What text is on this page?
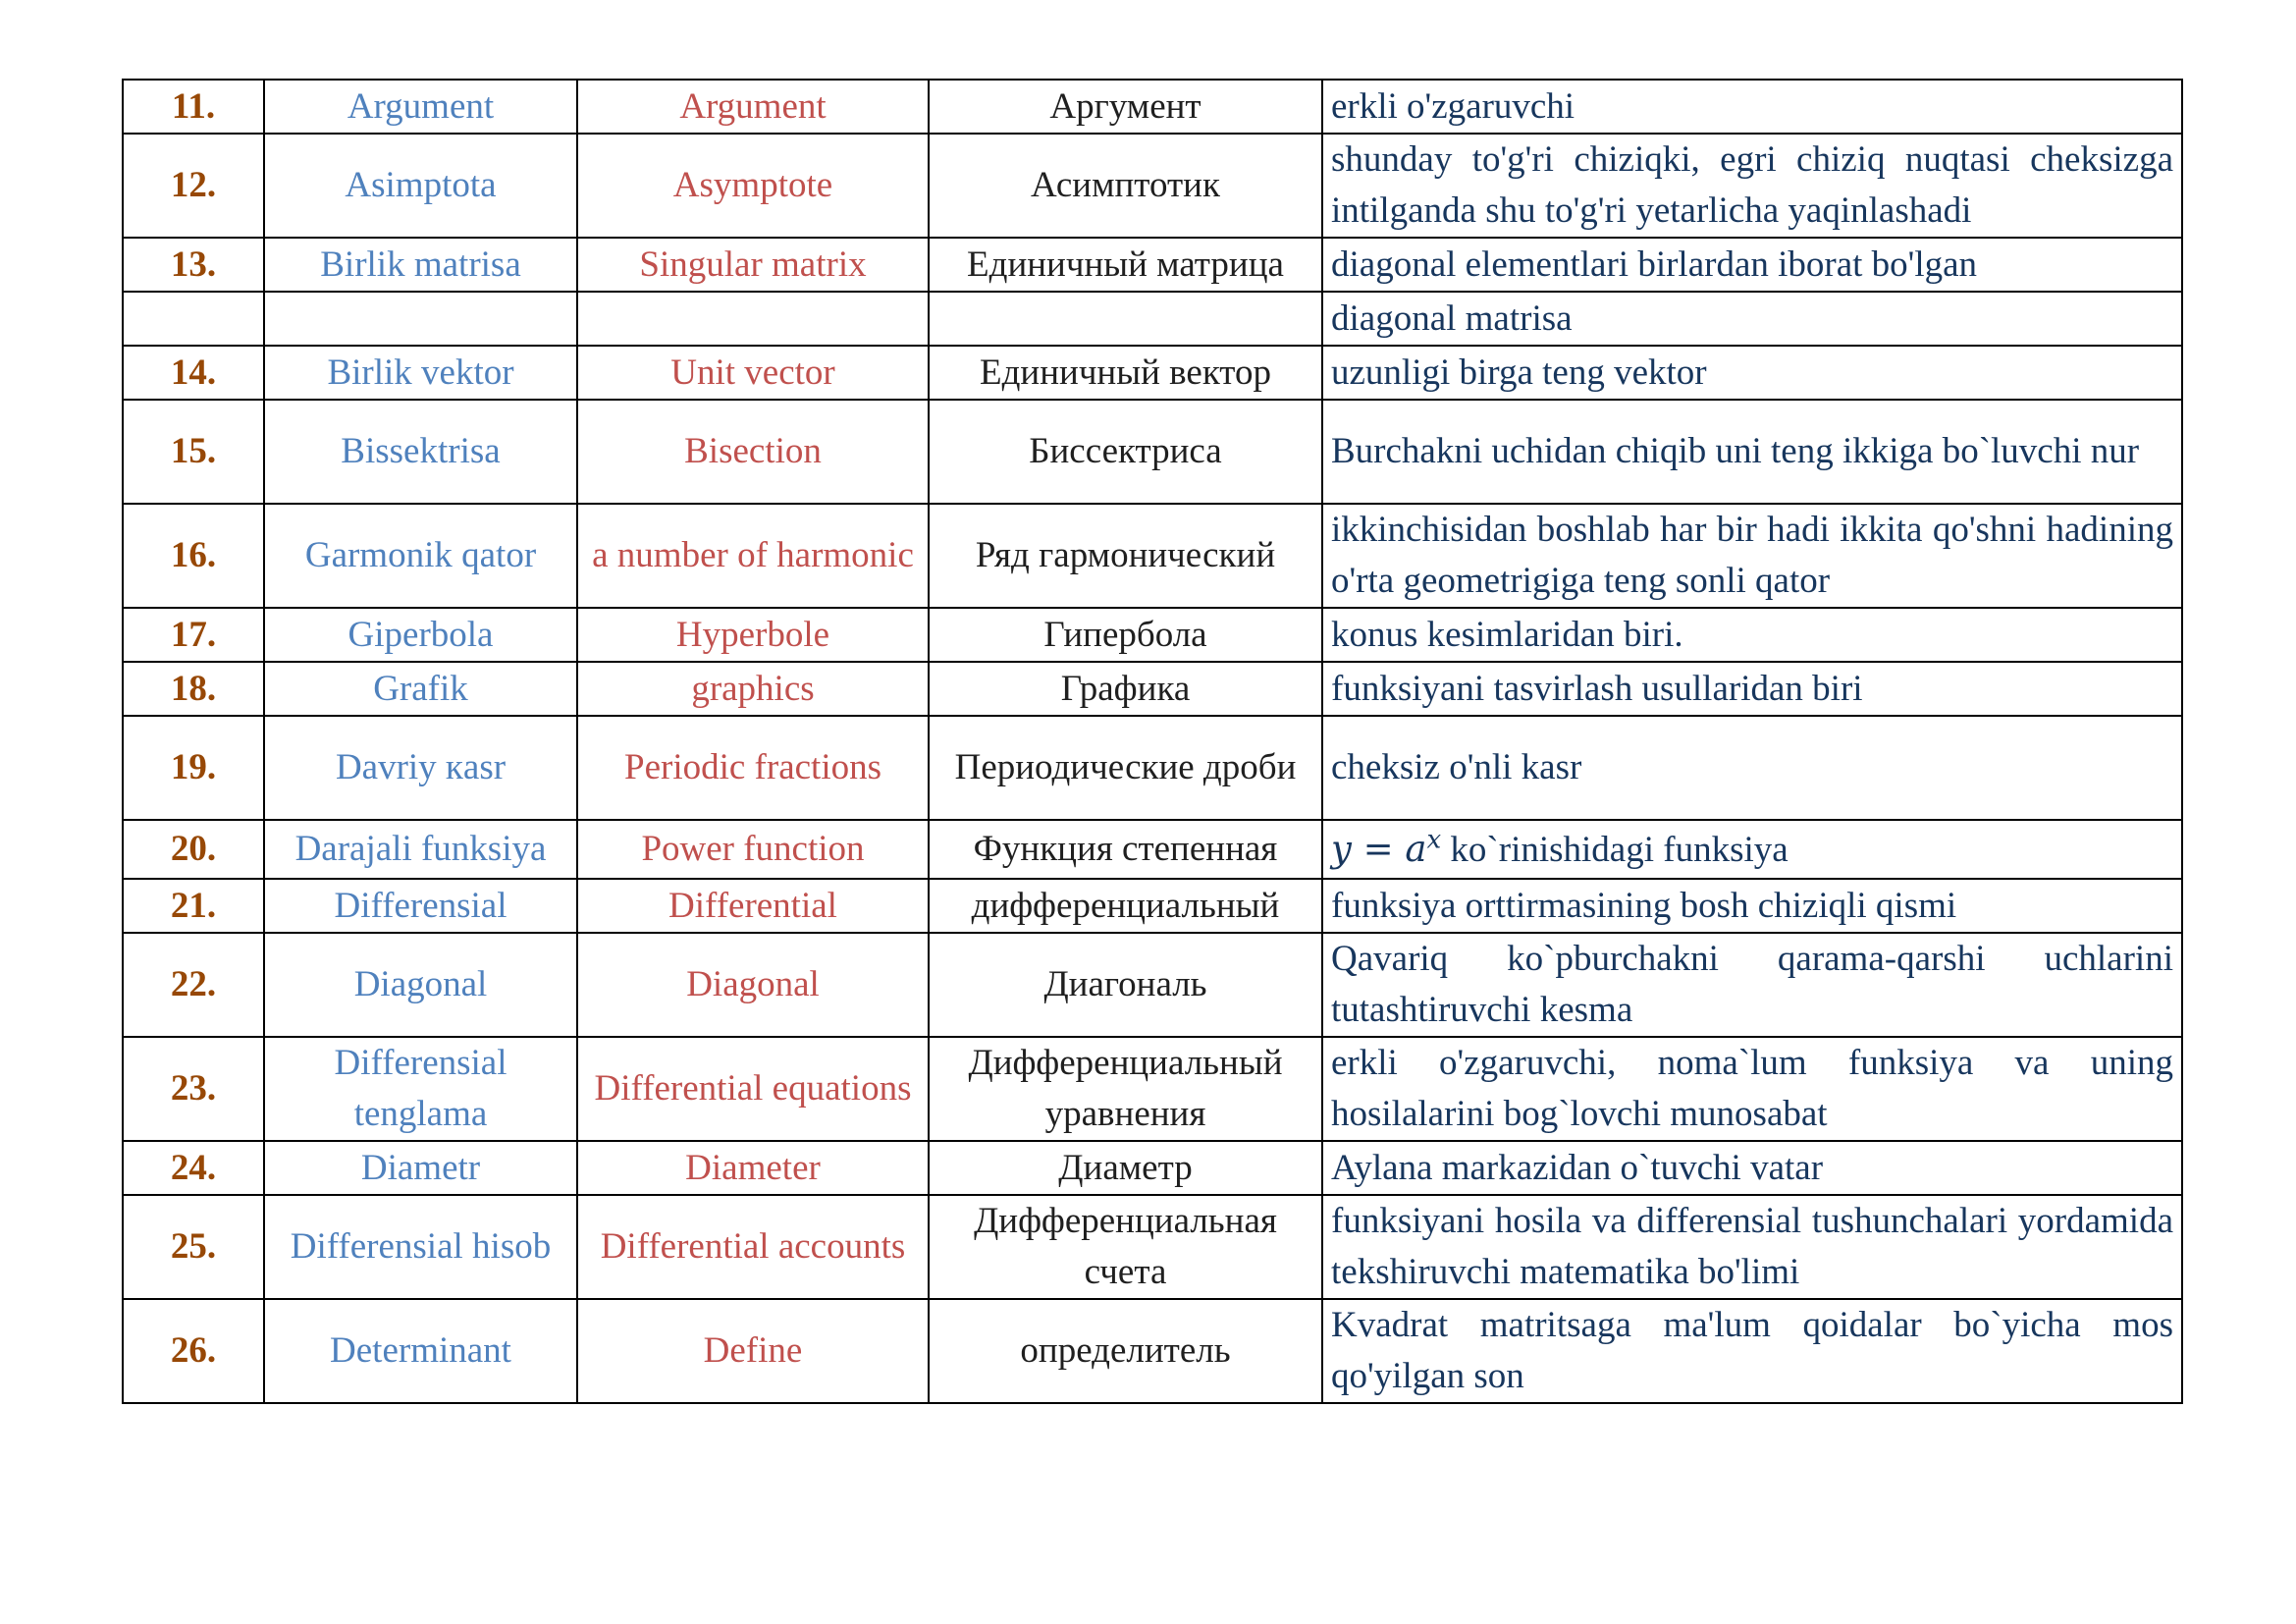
11.	Argument	Argument	Аргумент	erkli o'zgaruvchi
12.	Asimptota	Asymptote	Асимптотик	shunday to'g'ri chiziqki, egri chiziq nuqtasi cheksizga intilganda shu to'g'ri yetarlicha yaqinlashadi
13.	Birlik matrisa	Singular matrix	Единичный матрица	diagonal elementlari birlardan iborat bo'lgan
				diagonal matrisa
14.	Birlik vektor	Unit vector	Единичный вектор	uzunligi birga teng vektor
15.	Bissektrisa	Bisection	Биссектриса	Burchakni uchidan chiqib uni teng ikkiga bo`luvchi nur
16.	Garmonik qator	a number of harmonic	Ряд гармонический	ikkinchisidan boshlab har bir hadi ikkita qo'shni hadining o'rta geometrigiga teng sonli qator
17.	Giperbola	Hyperbole	Гипербола	konus kesimlaridan biri.
18.	Grafik	graphics	Графика	funksiyani tasvirlash usullaridan biri
19.	Davriy кasr	Periodic fractions	Периодические дроби	cheksiz o'nli kasr
20.	Darajali funksiya	Power function	Функция степенная	$y = a^x$ ko`rinishidagi funksiya
21.	Differensial	Differential	дифференциальный	funksiya orttirmasining bosh chiziqli qismi
22.	Diagonal	Diagonal	Диагональ	Qavariq ko`pburchakni qarama-qarshi uchlarini tutashtiruvchi kesma
23.	Differensial tenglama	Differential equations	Дифференциальный уравнения	erkli o'zgaruvchi, noma`lum funksiya va uning hosilalarini bog`lovchi munosabat
24.	Diametr	Diameter	Диаметр	Aylana markazidan o`tuvchi vatar
25.	Differensial hisob	Differential accounts	Дифференциальная счета	funksiyani hosila va differensial tushunchalari yordamida tekshiruvchi matematika bo'limi
26.	Determinant	Define	определитель	Kvadrat matritsaga ma'lum qoidalar bo`yicha mos qo'yilgan son
